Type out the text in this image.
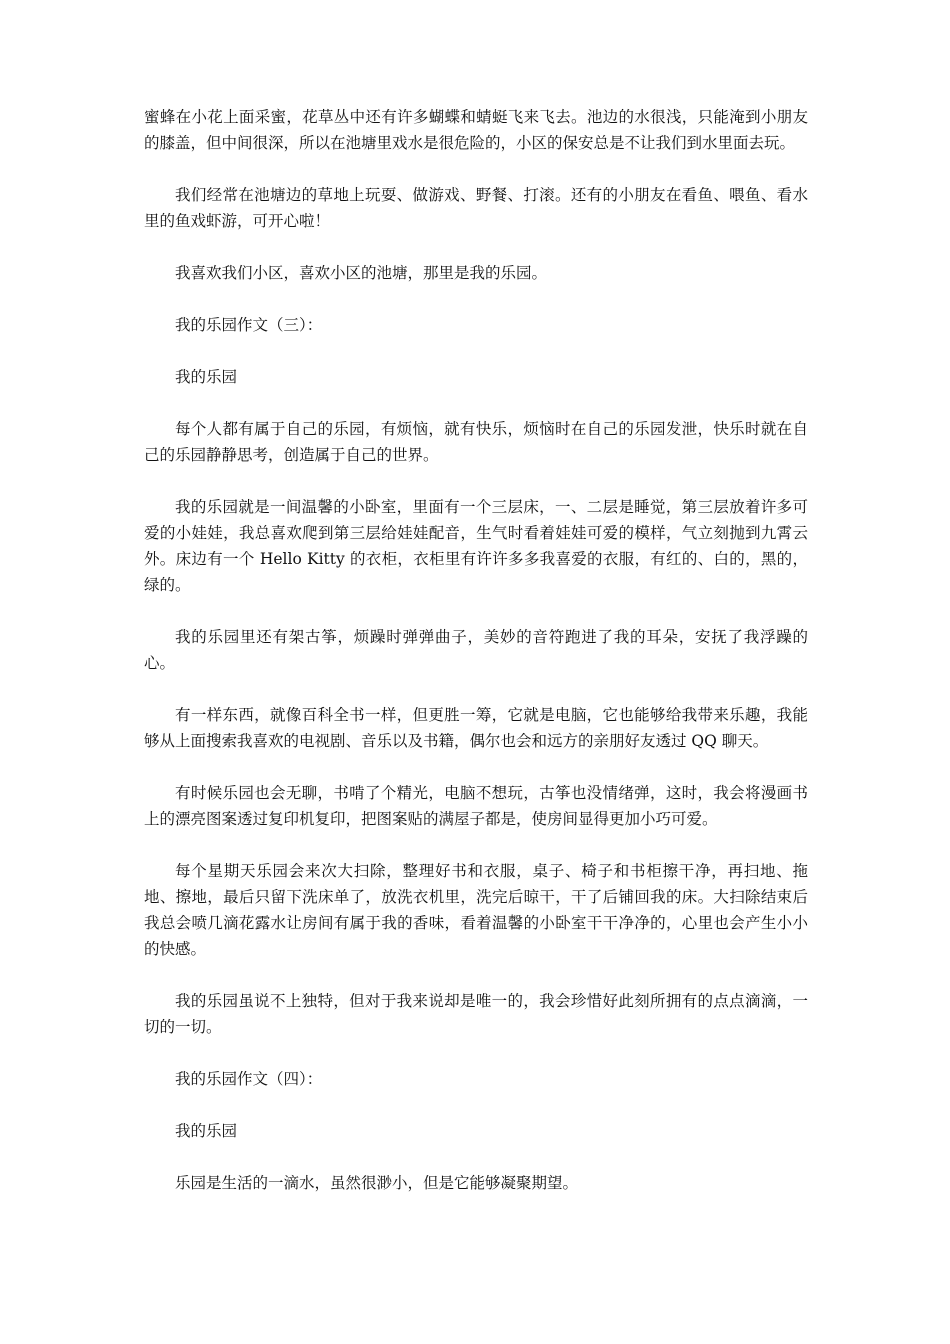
蜜蜂在小花上面采蜜，花草丛中还有许多蝴蝶和蜻蜓飞来飞去。池边的水很浅，只能淹到小朋友的膝盖，但中间很深，所以在池塘里戏水是很危险的，小区的保安总是不让我们到水里面去玩。

我们经常在池塘边的草地上玩耍、做游戏、野餐、打滚。还有的小朋友在看鱼、喂鱼、看水里的鱼戏虾游，可开心啦！

我喜欢我们小区，喜欢小区的池塘，那里是我的乐园。

我的乐园作文（三）：

我的乐园

每个人都有属于自己的乐园，有烦恼，就有快乐，烦恼时在自己的乐园发泄，快乐时就在自己的乐园静静思考，创造属于自己的世界。

我的乐园就是一间温馨的小卧室，里面有一个三层床，一、二层是睡觉，第三层放着许多可爱的小娃娃，我总喜欢爬到第三层给娃娃配音，生气时看着娃娃可爱的模样，气立刻抛到九霄云外。床边有一个 Hello Kitty 的衣柜，衣柜里有许许多多我喜爱的衣服，有红的、白的，黑的，绿的。

我的乐园里还有架古筝，烦躁时弹弹曲子，美妙的音符跑进了我的耳朵，安抚了我浮躁的心。

有一样东西，就像百科全书一样，但更胜一筹，它就是电脑，它也能够给我带来乐趣，我能够从上面搜索我喜欢的电视剧、音乐以及书籍，偶尔也会和远方的亲朋好友透过 QQ 聊天。

有时候乐园也会无聊，书啃了个精光，电脑不想玩，古筝也没情绪弹，这时，我会将漫画书上的漂亮图案透过复印机复印，把图案贴的满屋子都是，使房间显得更加小巧可爱。

每个星期天乐园会来次大扫除，整理好书和衣服，桌子、椅子和书柜擦干净，再扫地、拖地、擦地，最后只留下洗床单了，放洗衣机里，洗完后晾干，干了后铺回我的床。大扫除结束后我总会喷几滴花露水让房间有属于我的香味，看着温馨的小卧室干干净净的，心里也会产生小小的快感。

我的乐园虽说不上独特，但对于我来说却是唯一的，我会珍惜好此刻所拥有的点点滴滴，一切的一切。

我的乐园作文（四）：

我的乐园

乐园是生活的一滴水，虽然很渺小，但是它能够凝聚期望。
